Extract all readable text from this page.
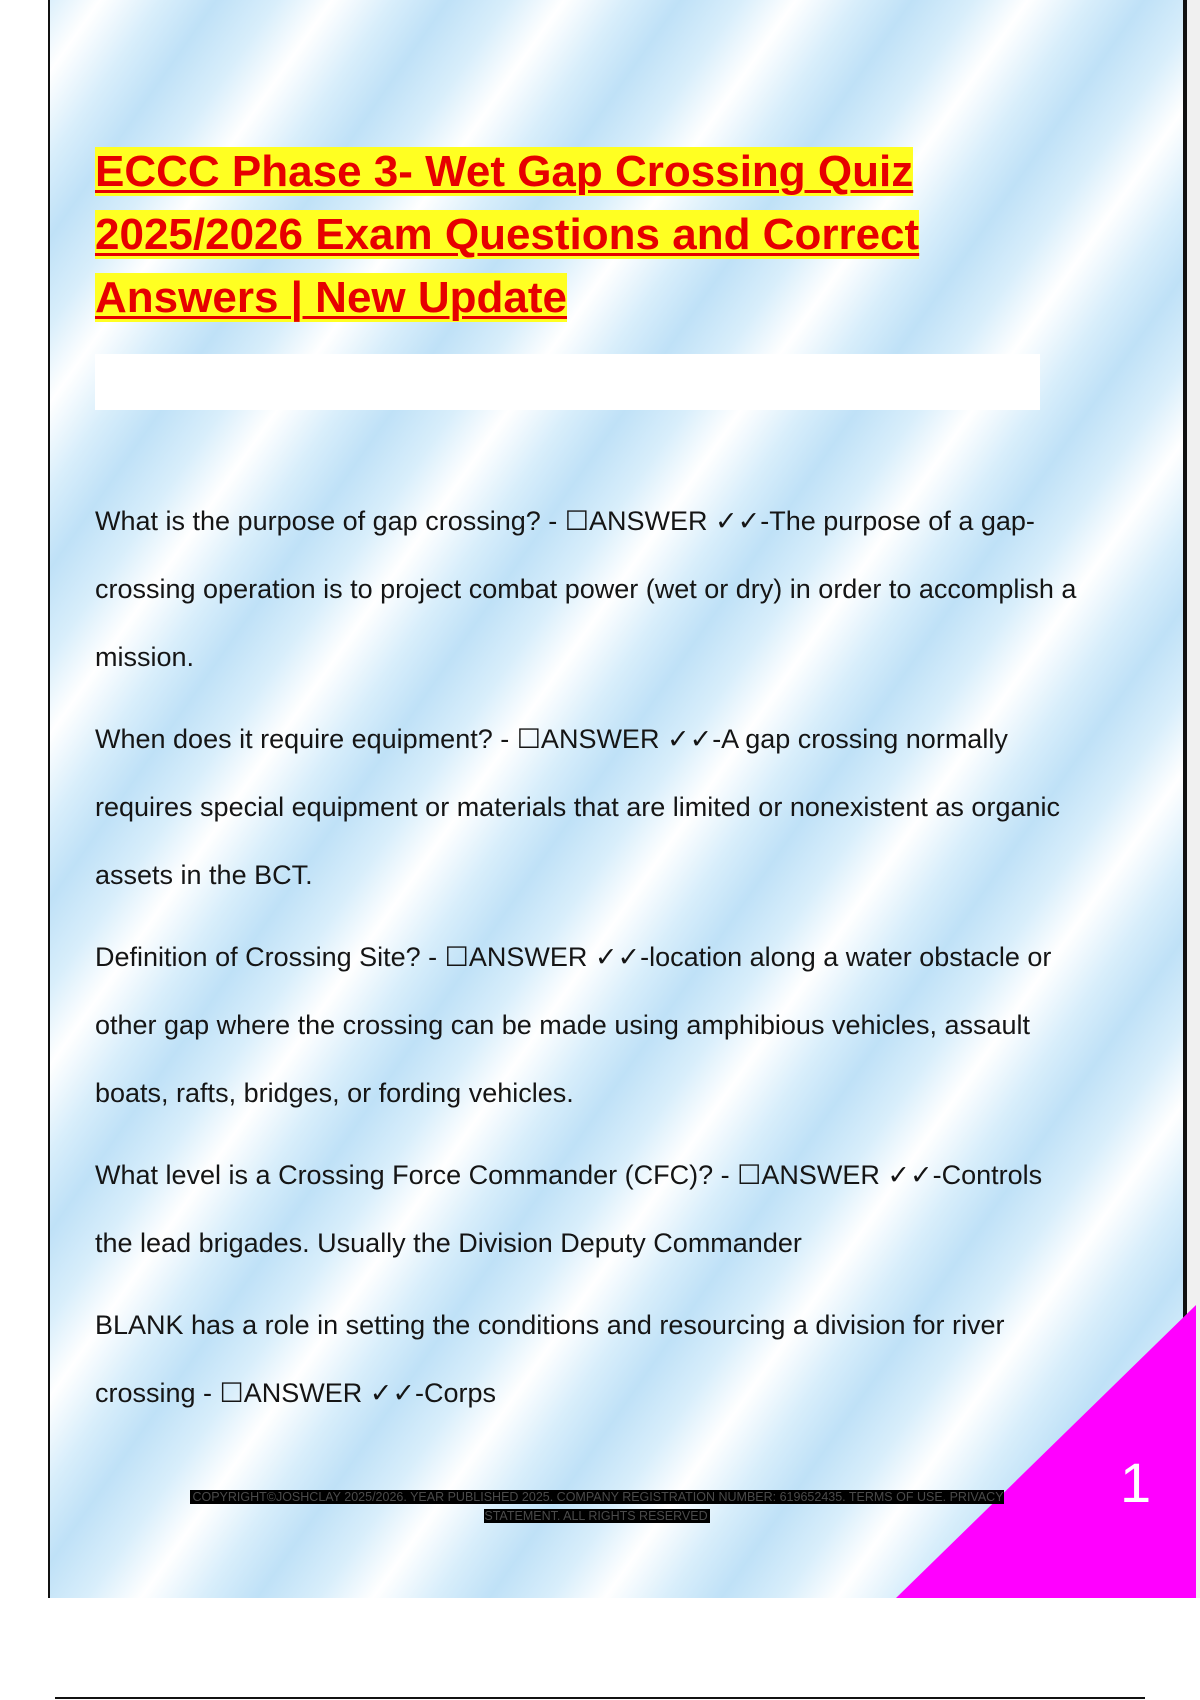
ECCC Phase 3- Wet Gap Crossing Quiz 2025/2026 Exam Questions and Correct Answers | New Update

What is the purpose of gap crossing? - ☐ANSWER ✓✓-The purpose of a gap-crossing operation is to project combat power (wet or dry) in order to accomplish a mission.

When does it require equipment? - ☐ANSWER ✓✓-A gap crossing normally requires special equipment or materials that are limited or nonexistent as organic assets in the BCT.

Definition of Crossing Site? - ☐ANSWER ✓✓-location along a water obstacle or other gap where the crossing can be made using amphibious vehicles, assault boats, rafts, bridges, or fording vehicles.

What level is a Crossing Force Commander (CFC)? - ☐ANSWER ✓✓-Controls the lead brigades. Usually the Division Deputy Commander

BLANK has a role in setting the conditions and resourcing a division for river crossing - ☐ANSWER ✓✓-Corps

1
COPYRIGHT©JOSHCLAY 2025/2026. YEAR PUBLISHED 2025. COMPANY REGISTRATION NUMBER: 619652435. TERMS OF USE. PRIVACY STATEMENT. ALL RIGHTS RESERVED
